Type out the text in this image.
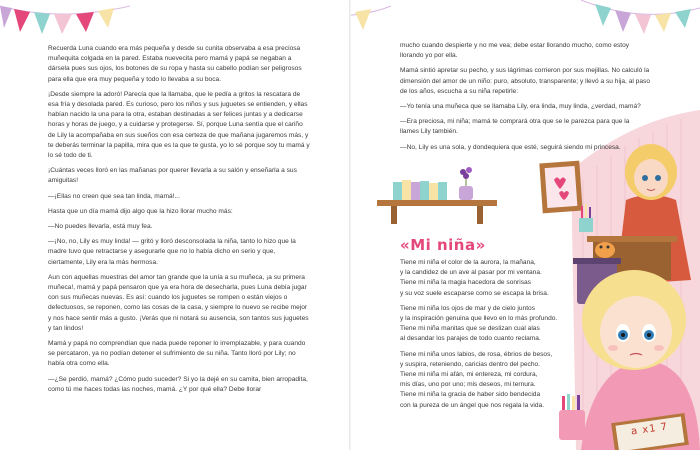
Recuerda Luna cuando era más pequeña y desde su cunita observaba a esa preciosa muñequita colgada en la pared. Estaba nuevecita pero mamá y papá se negaban a dársela pues sus ojos, los botones de su ropa y hasta su cabello podían ser peligrosos para ella que era muy pequeña y todo lo llevaba a su boca.

¡Desde siempre la adoró! Parecía que la llamaba, que le pedía a gritos la rescatara de esa fría y desolada pared. Es curioso, pero los niños y sus juguetes se entienden, y ellas habían nacido la una para la otra, estaban destinadas a ser felices juntas y a dedicarse horas y horas de juego, y a cuidarse y protegerse. Sí, porque Luna sentía que el cariño de Lily la acompañaba en sus sueños con esa certeza de que mañana jugaremos más, y te deberás terminar la papilla, mira que es la que te gusta, yo lo sé porque soy tu mamá y lo sé todo de ti.

¡Cuántas veces lloró en las mañanas por querer llevarla a su salón y enseñarla a sus amiguitas!

—¡Ellas no creen que sea tan linda, mamá!...

Hasta que un día mamá dijo algo que la hizo llorar mucho más:

—No puedes llevarla, está muy fea.

—¡No, no, Lily es muy linda! — gritó y lloró desconsolada la niña, tanto lo hizo que la madre tuvo que retractarse y asegurarle que no lo había dicho en serio y que, ciertamente, Lily era la más hermosa.

Aun con aquellas muestras del amor tan grande que la unía a su muñeca, ¡a su primera muñeca!, mamá y papá pensaron que ya era hora de desecharla, pues Luna debía jugar con sus muñecas nuevas. Es así: cuando los juguetes se rompen o están viejos o defectuosos, se reponen, como las cosas de la casa, y siempre lo nuevo se recibe mejor y nos hace sentir más a gusto. ¡Verás que ni notará su ausencia, son tantos sus juguetes y tan lindos!

Mamá y papá no comprendían que nada puede reponer lo irremplazable, y para cuando se percataron, ya no podían detener el sufrimiento de su niña. Tanto lloró por Lily; no había otra como ella.

—¿Se perdió, mamá? ¿Cómo pudo suceder? Si yo la dejé en su camita, bien arropadita, como tú me haces todas las noches, mamá. ¿Y por qué ella? Debe llorar

a x1 7

mucho cuando despierte y no me vea; debe estar llorando mucho, como estoy llorando yo por ella.

Mamá sintió apretar su pecho, y sus lágrimas corrieron por sus mejillas. No calculó la dimensión del amor de un niño: puro, absoluto, transparente; y llevó a su hija, al paso de los años, escucha a su niña repetirle:

—Yo tenía una muñeca que se llamaba Lily, era linda, muy linda, ¿verdad, mamá?

—Era preciosa, mi niña; mamá te comprará otra que se le parezca para que la llames Lily también.

—No, Lily es una sola, y dondequiera que esté, seguirá siendo mi princesa.

«Mi niña»
Tiene mi niña el color de la aurora, la mañana,
y la candidez de un ave al pasar por mi ventana.
Tiene mi niña la magia hacedora de sonrisas
y su voz suele escaparse como se escapa la brisa.
Tiene mi niña los ojos de mar y de cielo juntos
y la inspiración genuina que llevo en lo más profundo.
Tiene mi niña manitas que se deslizan cual alas
al desandar los parajes de todo cuanto reclama.
Tiene mi niña unos labios, de rosa, ébrios de besos,
y suspira, reteniendo, caricias dentro del pecho.
Tiene mi niña mi afán, mi entereza, mi cordura,
mis días, uno por uno; mis deseos, mi ternura.
Tiene mi niña la gracia de haber sido bendecida
con la pureza de un ángel que nos regala la vida.
